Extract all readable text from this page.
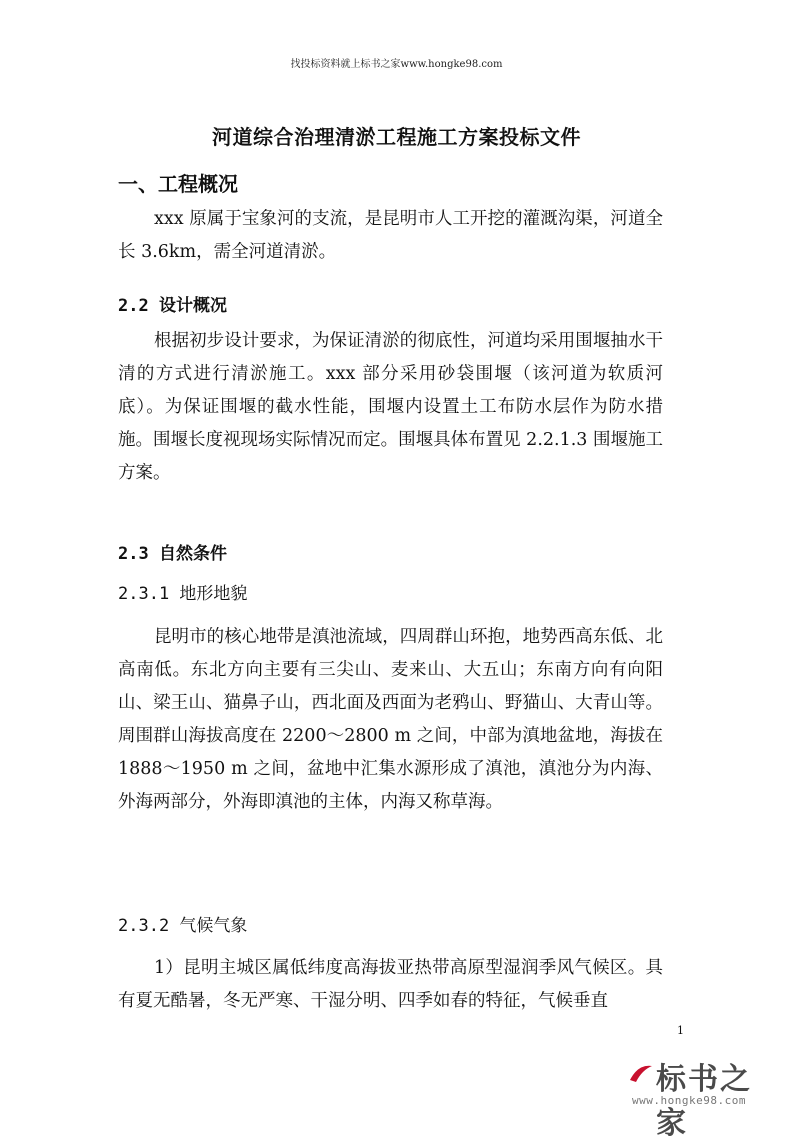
找投标资料就上标书之家www.hongke98.com
河道综合治理清淤工程施工方案投标文件
一、工程概况

xxx 原属于宝象河的支流，是昆明市人工开挖的灌溉沟渠，河道全长 3.6km，需全河道清淤。

2.2 设计概况

根据初步设计要求，为保证清淤的彻底性，河道均采用围堰抽水干清的方式进行清淤施工。xxx 部分采用砂袋围堰（该河道为软质河底）。为保证围堰的截水性能，围堰内设置土工布防水层作为防水措施。围堰长度视现场实际情况而定。围堰具体布置见 2.2.1.3 围堰施工方案。

2.3 自然条件

2.3.1 地形地貌

昆明市的核心地带是滇池流域，四周群山环抱，地势西高东低、北高南低。东北方向主要有三尖山、麦来山、大五山；东南方向有向阳山、梁王山、猫鼻子山，西北面及西面为老鸦山、野猫山、大青山等。周围群山海拔高度在 2200～2800 m 之间，中部为滇地盆地，海拔在 1888～1950 m 之间，盆地中汇集水源形成了滇池，滇池分为内海、外海两部分，外海即滇池的主体，内海又称草海。

2.3.2 气候气象

1）昆明主城区属低纬度高海拔亚热带高原型湿润季风气候区。具有夏无酷暑，冬无严寒、干湿分明、四季如春的特征，气候垂直

1
标书之家
www.hongke98.com
